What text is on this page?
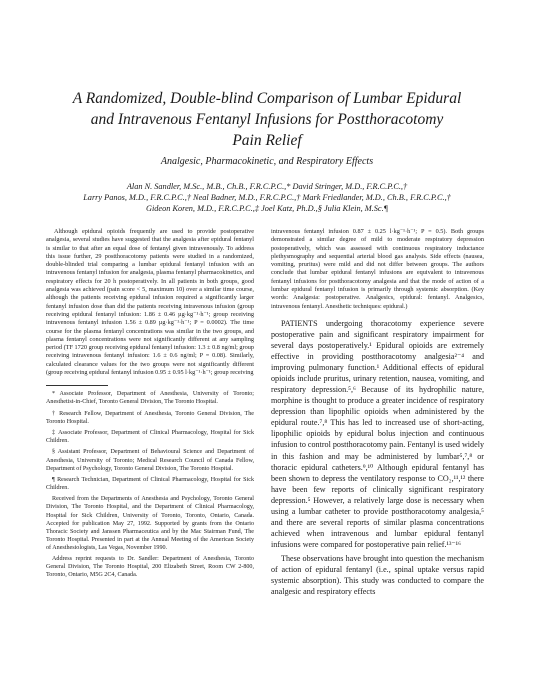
A Randomized, Double-blind Comparison of Lumbar Epidural
and Intravenous Fentanyl Infusions for Postthoracotomy
Pain Relief
Analgesic, Pharmacokinetic, and Respiratory Effects
Alan N. Sandler, M.Sc., M.B., Ch.B., F.R.C.P.C.,* David Stringer, M.D., F.R.C.P.C.,†
Larry Panos, M.D., F.R.C.P.C.,† Neal Badner, M.D., F.R.C.P.C.,† Mark Friedlander, M.D., Ch.B., F.R.C.P.C.,†
Gideon Koren, M.D., F.R.C.P.C.,‡ Joel Katz, Ph.D.,§ Julia Klein, M.Sc.¶

Although epidural opioids frequently are used to provide postoperative analgesia, several studies have suggested that the analgesia after epidural fentanyl is similar to that after an equal dose of fentanyl given intravenously. To address this issue further, 29 postthoracotomy patients were studied in a randomized, double-blinded trial comparing a lumbar epidural fentanyl infusion with an intravenous fentanyl infusion for analgesia, plasma fentanyl pharmacokinetics, and respiratory effects for 20 h postoperatively. In all patients in both groups, good analgesia was achieved (pain score < 5, maximum 10) over a similar time course, although the patients receiving epidural infusion required a significantly larger fentanyl infusion dose than did the patients receiving intravenous infusion (group receiving epidural fentanyl infusion: 1.86 ± 0.46 µg·kg⁻¹·h⁻¹; group receiving intravenous fentanyl infusion 1.56 ± 0.89 µg·kg⁻¹·h⁻¹; P = 0.0002). The time course for the plasma fentanyl concentrations was similar in the two groups, and plasma fentanyl concentrations were not significantly different at any sampling period (TF 1720 group receiving epidural fentanyl infusion: 1.3 ± 0.8 ng/ml; group receiving intravenous fentanyl infusion: 1.6 ± 0.6 ng/ml; P = 0.08). Similarly, calculated clearance values for the two groups were not significantly different (group receiving epidural fentanyl infusion 0.95 ± 0.95 l·kg⁻¹·h⁻¹; group receiving

* Associate Professor, Department of Anesthesia, University of Toronto; Anesthetist-in-Chief, Toronto General Division, The Toronto Hospital.

† Research Fellow, Department of Anesthesia, Toronto General Division, The Toronto Hospital.

‡ Associate Professor, Department of Clinical Pharmacology, Hospital for Sick Children.

§ Assistant Professor, Department of Behavioural Science and Department of Anesthesia, University of Toronto; Medical Research Council of Canada Fellow, Department of Psychology, Toronto General Division, The Toronto Hospital.

¶ Research Technician, Department of Clinical Pharmacology, Hospital for Sick Children.

Received from the Departments of Anesthesia and Psychology, Toronto General Division, The Toronto Hospital, and the Department of Clinical Pharmacology, Hospital for Sick Children, University of Toronto, Toronto, Ontario, Canada. Accepted for publication May 27, 1992. Supported by grants from the Ontario Thoracic Society and Janssen Pharmaceutica and by the Mac Stairman Fund, The Toronto Hospital. Presented in part at the Annual Meeting of the American Society of Anesthesiologists, Las Vegas, November 1990.

Address reprint requests to Dr. Sandler: Department of Anesthesia, Toronto General Division, The Toronto Hospital, 200 Elizabeth Street, Room CW 2-800, Toronto, Ontario, M5G 2C4, Canada.

intravenous fentanyl infusion 0.87 ± 0.25 l·kg⁻¹·h⁻¹; P = 0.5). Both groups demonstrated a similar degree of mild to moderate respiratory depression postoperatively, which was assessed with continuous respiratory inductance plethysmography and sequential arterial blood gas analysis. Side effects (nausea, vomiting, pruritus) were mild and did not differ between groups. The authors conclude that lumbar epidural fentanyl infusions are equivalent to intravenous fentanyl infusions for postthoracotomy analgesia and that the mode of action of a lumbar epidural fentanyl infusion is primarily through systemic absorption. (Key words: Analgesia: postoperative. Analgesics, epidural: fentanyl. Analgesics, intravenous fentanyl. Anesthetic techniques: epidural.)

PATIENTS undergoing thoracotomy experience severe postoperative pain and significant respiratory impairment for several days postoperatively.¹ Epidural opioids are extremely effective in providing postthoracotomy analgesia²⁻⁴ and improving pulmonary function.¹ Additional effects of epidural opioids include pruritus, urinary retention, nausea, vomiting, and respiratory depression.⁵,⁶ Because of its hydrophilic nature, morphine is thought to produce a greater incidence of respiratory depression than lipophilic opioids when administered by the epidural route.⁷,⁸ This has led to increased use of short-acting, lipophilic opioids by epidural bolus injection and continuous infusion to control postthoracotomy pain. Fentanyl is used widely in this fashion and may be administered by lumbar⁵,⁷,⁸ or thoracic epidural catheters.⁹,¹⁰ Although epidural fentanyl has been shown to depress the ventilatory response to CO₂,¹¹,¹² there have been few reports of clinically significant respiratory depression.⁵ However, a relatively large dose is necessary when using a lumbar catheter to provide postthoracotomy analgesia,⁵ and there are several reports of similar plasma concentrations achieved when intravenous and lumbar epidural fentanyl infusions were compared for postoperative pain relief.¹³⁻¹⁶

These observations have brought into question the mechanism of action of epidural fentanyl (i.e., spinal uptake versus rapid systemic absorption). This study was conducted to compare the analgesic and respiratory effects
